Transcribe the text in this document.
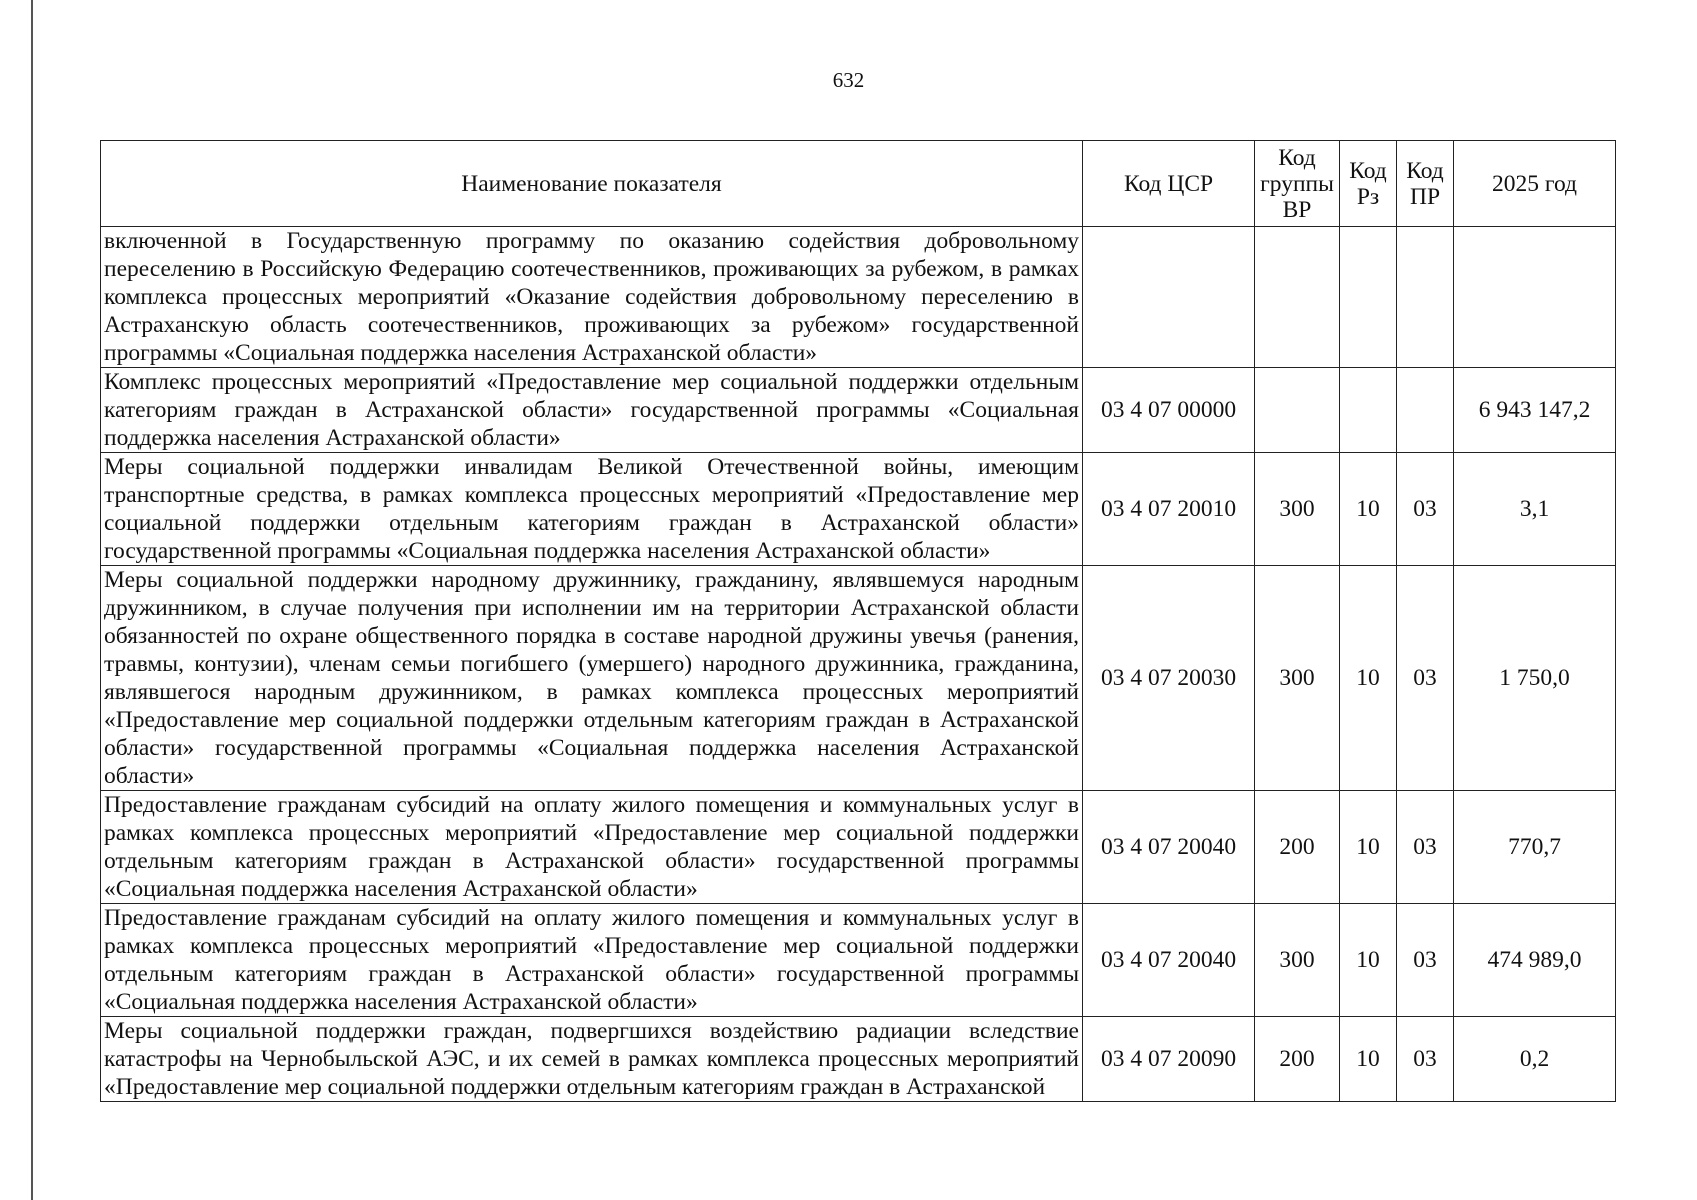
632
Наименование показателя	Код ЦСР	Код группы ВР	Код Рз	Код ПР	2025 год
включенной в Государственную программу по оказанию содействия добровольному переселению в Российскую Федерацию соотечественников, проживающих за рубежом, в рамках комплекса процессных мероприятий «Оказание содействия добровольному переселению в Астраханскую область соотечественников, проживающих за рубежом» государственной программы «Социальная поддержка населения Астраханской области»					
Комплекс процессных мероприятий «Предоставление мер социальной поддержки отдельным категориям граждан в Астраханской области» государственной программы «Социальная поддержка населения Астраханской области»	03 4 07 00000				6 943 147,2
Меры социальной поддержки инвалидам Великой Отечественной войны, имеющим транспортные средства, в рамках комплекса процессных мероприятий «Предоставление мер социальной поддержки отдельным категориям граждан в Астраханской области» государственной программы «Социальная поддержка населения Астраханской области»	03 4 07 20010	300	10	03	3,1
Меры социальной поддержки народному дружиннику, гражданину, являвшемуся народным дружинником, в случае получения при исполнении им на территории Астраханской области обязанностей по охране общественного порядка в составе народной дружины увечья (ранения, травмы, контузии), членам семьи погибшего (умершего) народного дружинника, гражданина, являвшегося народным дружинником, в рамках комплекса процессных мероприятий «Предоставление мер социальной поддержки отдельным категориям граждан в Астраханской области» государственной программы «Социальная поддержка населения Астраханской области»	03 4 07 20030	300	10	03	1 750,0
Предоставление гражданам субсидий на оплату жилого помещения и коммунальных услуг в рамках комплекса процессных мероприятий «Предоставление мер социальной поддержки отдельным категориям граждан в Астраханской области» государственной программы «Социальная поддержка населения Астраханской области»	03 4 07 20040	200	10	03	770,7
Предоставление гражданам субсидий на оплату жилого помещения и коммунальных услуг в рамках комплекса процессных мероприятий «Предоставление мер социальной поддержки отдельным категориям граждан в Астраханской области» государственной программы «Социальная поддержка населения Астраханской области»	03 4 07 20040	300	10	03	474 989,0
Меры социальной поддержки граждан, подвергшихся воздействию радиации вследствие катастрофы на Чернобыльской АЭС, и их семей в рамках комплекса процессных мероприятий «Предоставление мер социальной поддержки отдельным категориям граждан в Астраханской	03 4 07 20090	200	10	03	0,2
